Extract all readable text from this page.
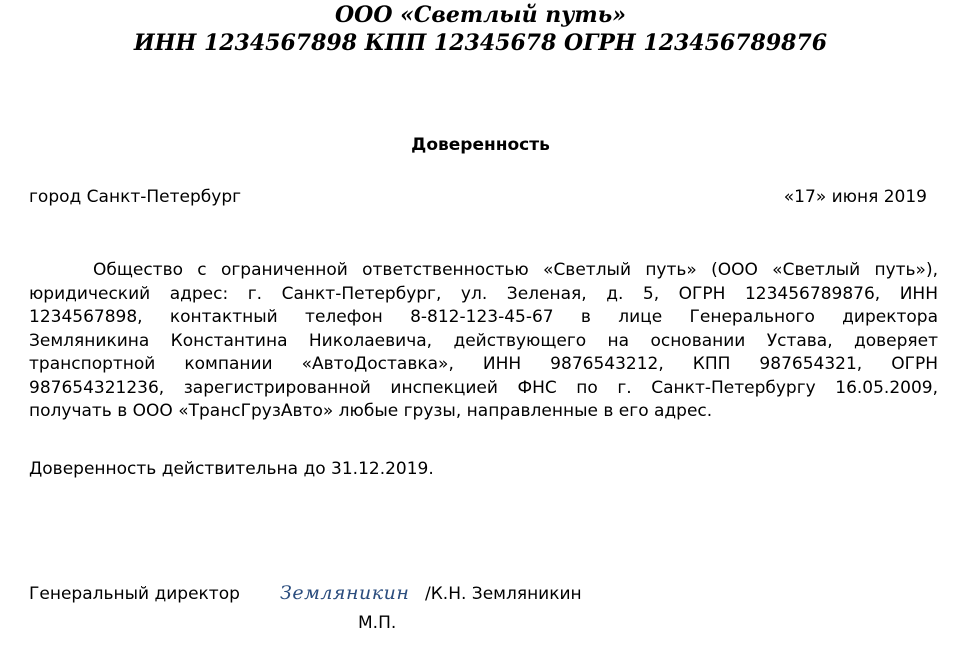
ООО «Светлый путь»
ИНН 1234567898 КПП 12345678 ОГРН 123456789876
Доверенность
город Санкт-Петербург	«17» июня 2019
Общество с ограниченной ответственностью «Светлый путь» (ООО «Светлый путь»),
юридический адрес: г. Санкт-Петербург, ул. Зеленая, д. 5, ОГРН 123456789876, ИНН
1234567898, контактный телефон 8-812-123-45-67 в лице Генерального директора
Земляникина Константина Николаевича, действующего на основании Устава, доверяет
транспортной компании «АвтоДоставка», ИНН 9876543212, КПП 987654321, ОГРН
987654321236, зарегистрированной инспекцией ФНС по г. Санкт-Петербургу 16.05.2009,
получать в ООО «ТрансГрузАвто» любые грузы, направленные в его адрес.
Доверенность действительна до 31.12.2019.
Генеральный директор Земляникин /К.Н. Земляникин
М.П.
